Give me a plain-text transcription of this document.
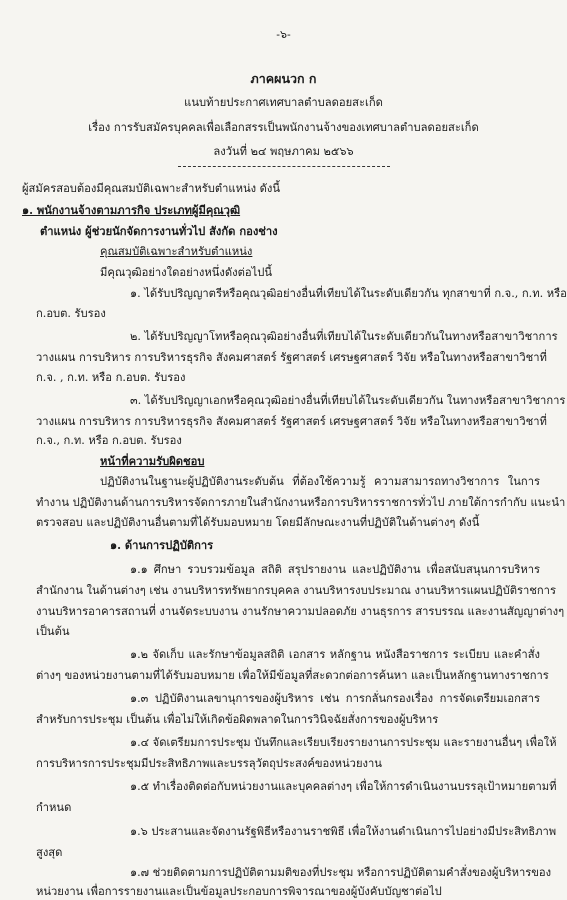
-๖-
ภาคผนวก ก
แนบท้ายประกาศเทศบาลตำบลดอยสะเก็ด
เรื่อง การรับสมัครบุคคลเพื่อเลือกสรรเป็นพนักงานจ้างของเทศบาลตำบลดอยสะเก็ด
ลงวันที่ ๒๔ พฤษภาคม ๒๕๖๖
ผู้สมัครสอบต้องมีคุณสมบัติเฉพาะสำหรับตำแหน่ง ดังนี้
๑. พนักงานจ้างตามภารกิจ ประเภทผู้มีคุณวุฒิ
ตำแหน่ง ผู้ช่วยนักจัดการงานทั่วไป สังกัด กองช่าง
คุณสมบัติเฉพาะสำหรับตำแหน่ง
มีคุณวุฒิอย่างใดอย่างหนึ่งดังต่อไปนี้
๑. ได้รับปริญญาตรีหรือคุณวุฒิอย่างอื่นที่เทียบได้ในระดับเดียวกัน ทุกสาขาที่ ก.จ., ก.ท. หรือ
ก.อบต. รับรอง
๒. ได้รับปริญญาโทหรือคุณวุฒิอย่างอื่นที่เทียบได้ในระดับเดียวกันในทางหรือสาขาวิชาการ
วางแผน การบริหาร การบริหารธุรกิจ สังคมศาสตร์ รัฐศาสตร์ เศรษฐศาสตร์ วิจัย หรือในทางหรือสาขาวิชาที่
ก.จ. , ก.ท. หรือ ก.อบต. รับรอง
๓. ได้รับปริญญาเอกหรือคุณวุฒิอย่างอื่นที่เทียบได้ในระดับเดียวกัน ในทางหรือสาขาวิชาการ
วางแผน การบริหาร การบริหารธุรกิจ สังคมศาสตร์ รัฐศาสตร์ เศรษฐศาสตร์ วิจัย หรือในทางหรือสาขาวิชาที่
ก.จ., ก.ท. หรือ ก.อบต. รับรอง
หน้าที่ความรับผิดชอบ
ปฏิบัติงานในฐานะผู้ปฏิบัติงานระดับต้น ที่ต้องใช้ความรู้ ความสามารถทางวิชาการ ในการ
ทำงาน ปฏิบัติงานด้านการบริหารจัดการภายในสำนักงานหรือการบริหารราชการทั่วไป ภายใต้การกำกับ แนะนำ
ตรวจสอบ และปฏิบัติงานอื่นตามที่ได้รับมอบหมาย โดยมีลักษณะงานที่ปฏิบัติในด้านต่างๆ ดังนี้
๑. ด้านการปฏิบัติการ
๑.๑ ศึกษา รวบรวมข้อมูล สถิติ สรุปรายงาน และปฏิบัติงาน เพื่อสนับสนุนการบริหาร
สำนักงาน ในด้านต่างๆ เช่น งานบริหารทรัพยากรบุคคล งานบริหารงบประมาณ งานบริหารแผนปฏิบัติราชการ
งานบริหารอาคารสถานที่ งานจัดระบบงาน งานรักษาความปลอดภัย งานธุรการ สารบรรณ และงานสัญญาต่างๆ
เป็นต้น
๑.๒ จัดเก็บ และรักษาข้อมูลสถิติ เอกสาร หลักฐาน หนังสือราชการ ระเบียบ และคำสั่ง
ต่างๆ ของหน่วยงานตามที่ได้รับมอบหมาย เพื่อให้มีข้อมูลที่สะดวกต่อการค้นหา และเป็นหลักฐานทางราชการ
๑.๓ ปฏิบัติงานเลขานุการของผู้บริหาร เช่น การกลั่นกรองเรื่อง การจัดเตรียมเอกสาร
สำหรับการประชุม เป็นต้น เพื่อไม่ให้เกิดข้อผิดพลาดในการวินิจฉัยสั่งการของผู้บริหาร
๑.๔ จัดเตรียมการประชุม บันทึกและเรียบเรียงรายงานการประชุม และรายงานอื่นๆ เพื่อให้
การบริหารการประชุมมีประสิทธิภาพและบรรลุวัตถุประสงค์ของหน่วยงาน
๑.๕ ทำเรื่องติดต่อกับหน่วยงานและบุคคลต่างๆ เพื่อให้การดำเนินงานบรรลุเป้าหมายตามที่
กำหนด
๑.๖ ประสานและจัดงานรัฐพิธีหรืองานราชพิธี เพื่อให้งานดำเนินการไปอย่างมีประสิทธิภาพ
สูงสุด
๑.๗ ช่วยติดตามการปฏิบัติตามมติของที่ประชุม หรือการปฏิบัติตามคำสั่งของผู้บริหารของ
หน่วยงาน เพื่อการรายงานและเป็นข้อมูลประกอบการพิจารณาของผู้บังคับบัญชาต่อไป
